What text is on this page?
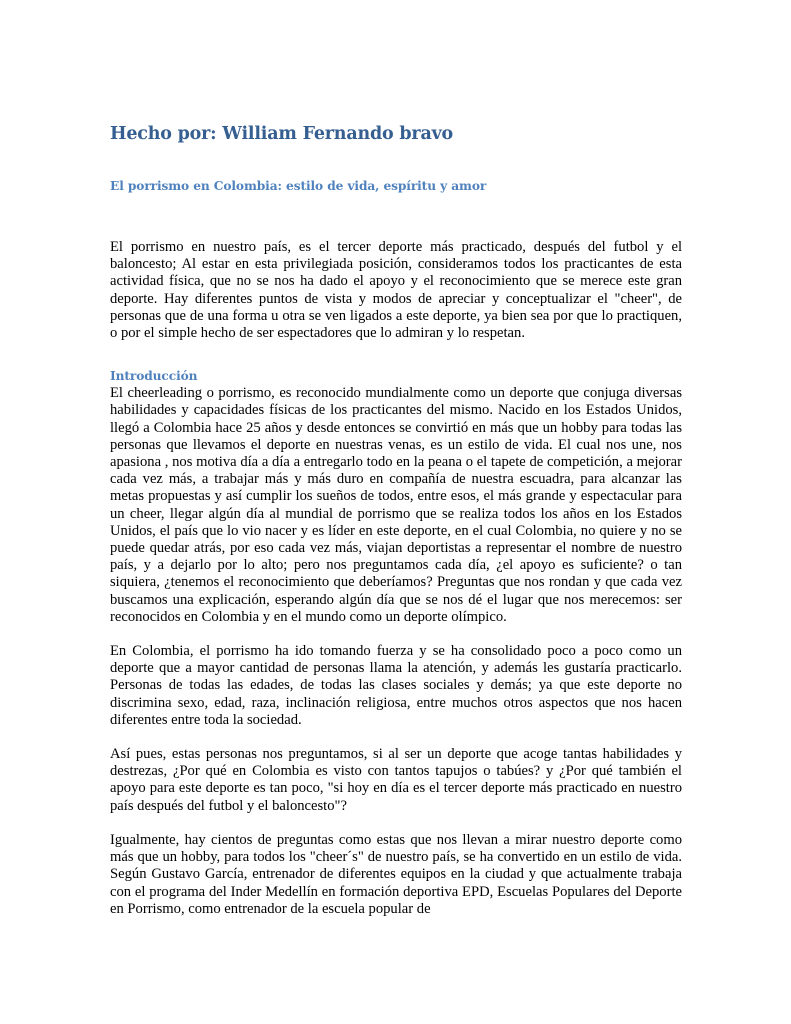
Hecho por: William Fernando bravo
El porrismo en Colombia: estilo de vida, espíritu y amor

El porrismo en nuestro país, es el tercer deporte más practicado, después del futbol y el baloncesto; Al estar en esta privilegiada posición, consideramos todos los practicantes de esta actividad física, que no se nos ha dado el apoyo y el reconocimiento que se merece este gran deporte. Hay diferentes puntos de vista y modos de apreciar y conceptualizar el "cheer", de personas que de una forma u otra se ven ligados a este deporte, ya bien sea por que lo practiquen, o por el simple hecho de ser espectadores que lo admiran y lo respetan.

Introducción

El cheerleading o porrismo, es reconocido mundialmente como un deporte que conjuga diversas habilidades y capacidades físicas de los practicantes del mismo. Nacido en los Estados Unidos, llegó a Colombia hace 25 años y desde entonces se convirtió en más que un hobby para todas las personas que llevamos el deporte en nuestras venas, es un estilo de vida. El cual nos une, nos apasiona , nos motiva día a día a entregarlo todo en la peana o el tapete de competición, a mejorar cada vez más, a trabajar más y más duro en compañía de nuestra escuadra, para alcanzar las metas propuestas y así cumplir los sueños de todos, entre esos, el más grande y espectacular para un cheer, llegar algún día al mundial de porrismo que se realiza todos los años en los Estados Unidos, el país que lo vio nacer y es líder en este deporte, en el cual Colombia, no quiere y no se puede quedar atrás, por eso cada vez más, viajan deportistas a representar el nombre de nuestro país, y a dejarlo por lo alto; pero nos preguntamos cada día, ¿el apoyo es suficiente? o tan siquiera, ¿tenemos el reconocimiento que deberíamos? Preguntas que nos rondan y que cada vez buscamos una explicación, esperando algún día que se nos dé el lugar que nos merecemos: ser reconocidos en Colombia y en el mundo como un deporte olímpico.

En Colombia, el porrismo ha ido tomando fuerza y se ha consolidado poco a poco como un deporte que a mayor cantidad de personas llama la atención, y además les gustaría practicarlo. Personas de todas las edades, de todas las clases sociales y demás; ya que este deporte no discrimina sexo, edad, raza, inclinación religiosa, entre muchos otros aspectos que nos hacen diferentes entre toda la sociedad.

Así pues, estas personas nos preguntamos, si al ser un deporte que acoge tantas habilidades y destrezas, ¿Por qué en Colombia es visto con tantos tapujos o tabúes? y ¿Por qué también el apoyo para este deporte es tan poco, "si hoy en día es el tercer deporte más practicado en nuestro país después del futbol y el baloncesto"?

Igualmente, hay cientos de preguntas como estas que nos llevan a mirar nuestro deporte como más que un hobby, para todos los "cheer´s" de nuestro país, se ha convertido en un estilo de vida. Según Gustavo García, entrenador de diferentes equipos en la ciudad y que actualmente trabaja con el programa del Inder Medellín en formación deportiva EPD, Escuelas Populares del Deporte en Porrismo, como entrenador de la escuela popular de
